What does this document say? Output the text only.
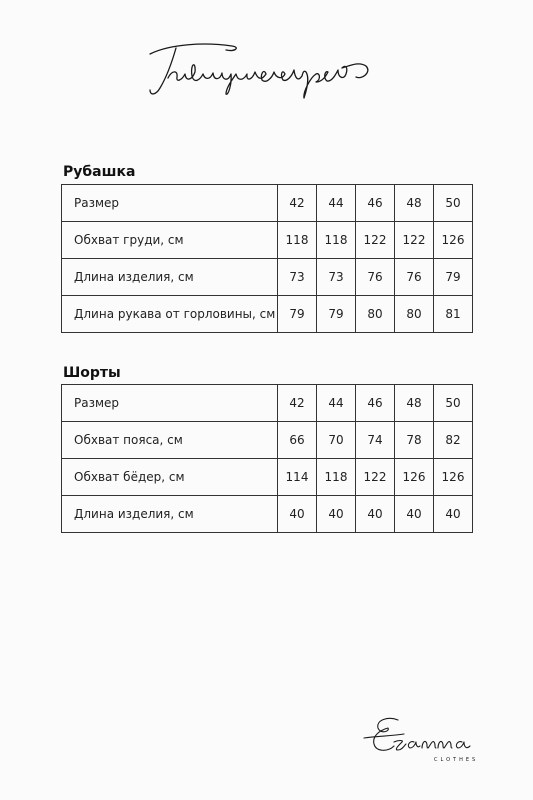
Рубашка
Размер	42	44	46	48	50
Обхват груди, см	118	118	122	122	126
Длина изделия, см	73	73	76	76	79
Длина рукава от горловины, см	79	79	80	80	81
Шорты
Размер	42	44	46	48	50
Обхват пояса, см	66	70	74	78	82
Обхват бёдер, см	114	118	122	126	126
Длина изделия, см	40	40	40	40	40
CLOTHES
